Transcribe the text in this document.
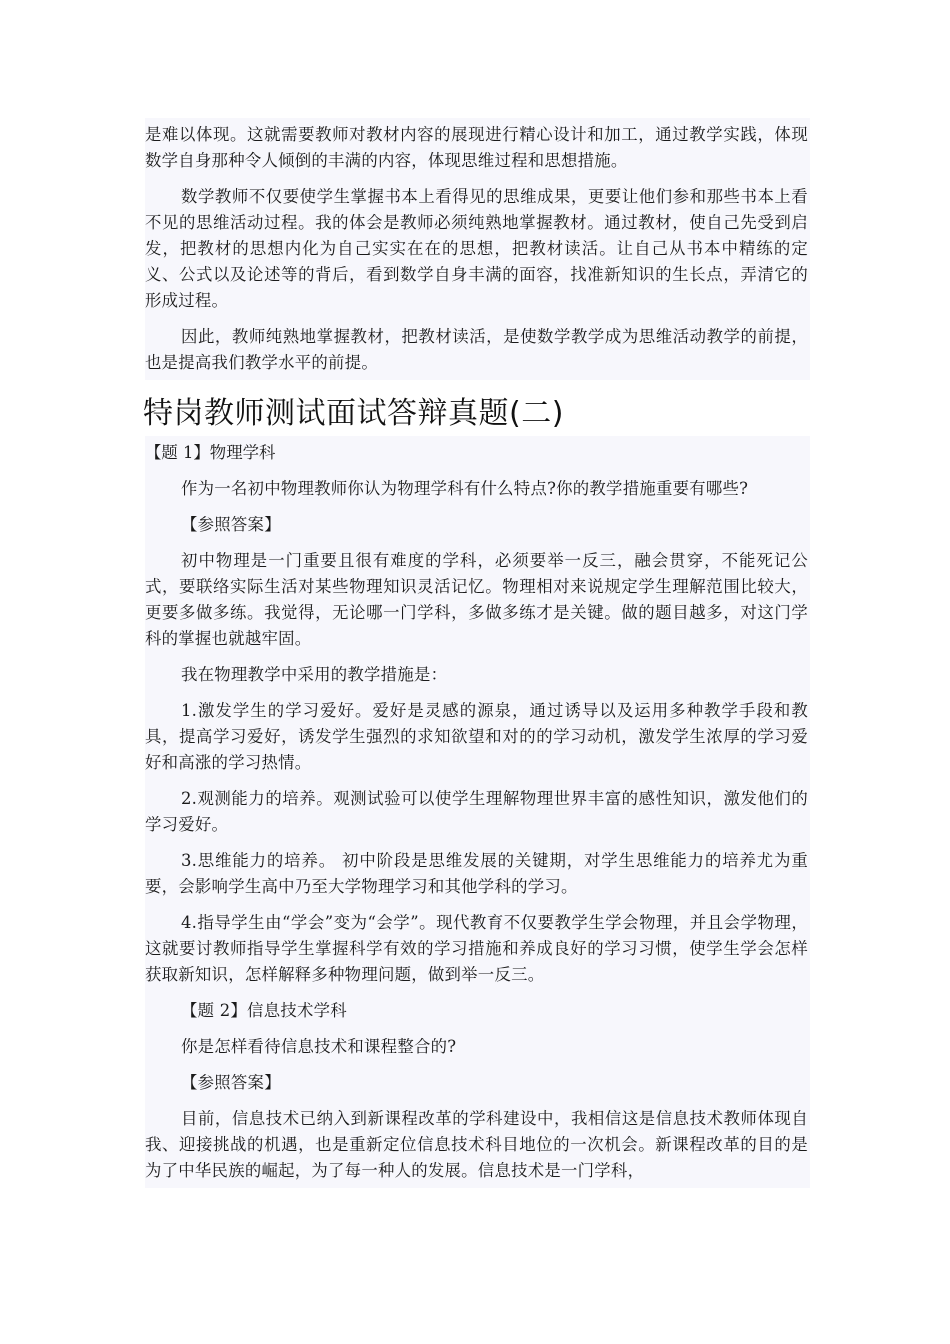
是难以体现。这就需要教师对教材内容的展现进行精心设计和加工，通过教学实践，体现数学自身那种令人倾倒的丰满的内容，体现思维过程和思想措施。

数学教师不仅要使学生掌握书本上看得见的思维成果，更要让他们参和那些书本上看不见的思维活动过程。我的体会是教师必须纯熟地掌握教材。通过教材，使自己先受到启发，把教材的思想内化为自己实实在在的思想，把教材读活。让自己从书本中精练的定义、公式以及论述等的背后，看到数学自身丰满的面容，找准新知识的生长点，弄清它的形成过程。

因此，教师纯熟地掌握教材，把教材读活，是使数学教学成为思维活动教学的前提，也是提高我们教学水平的前提。

特岗教师测试面试答辩真题(二)
【题 1】物理学科

作为一名初中物理教师你认为物理学科有什么特点?你的教学措施重要有哪些?

【参照答案】

初中物理是一门重要且很有难度的学科，必须要举一反三，融会贯穿，不能死记公式，要联络实际生活对某些物理知识灵活记忆。物理相对来说规定学生理解范围比较大，更要多做多练。我觉得，无论哪一门学科，多做多练才是关键。做的题目越多，对这门学科的掌握也就越牢固。

我在物理教学中采用的教学措施是：

1.激发学生的学习爱好。爱好是灵感的源泉，通过诱导以及运用多种教学手段和教具，提高学习爱好，诱发学生强烈的求知欲望和对的的学习动机，激发学生浓厚的学习爱好和高涨的学习热情。

2.观测能力的培养。观测试验可以使学生理解物理世界丰富的感性知识，激发他们的学习爱好。

3.思维能力的培养。 初中阶段是思维发展的关键期，对学生思维能力的培养尤为重要，会影响学生高中乃至大学物理学习和其他学科的学习。

4.指导学生由“学会”变为“会学”。现代教育不仅要教学生学会物理，并且会学物理，这就要讨教师指导学生掌握科学有效的学习措施和养成良好的学习习惯，使学生学会怎样获取新知识，怎样解释多种物理问题，做到举一反三。

【题 2】信息技术学科

你是怎样看待信息技术和课程整合的?

【参照答案】

目前，信息技术已纳入到新课程改革的学科建设中，我相信这是信息技术教师体现自我、迎接挑战的机遇，也是重新定位信息技术科目地位的一次机会。新课程改革的目的是为了中华民族的崛起，为了每一种人的发展。信息技术是一门学科，
